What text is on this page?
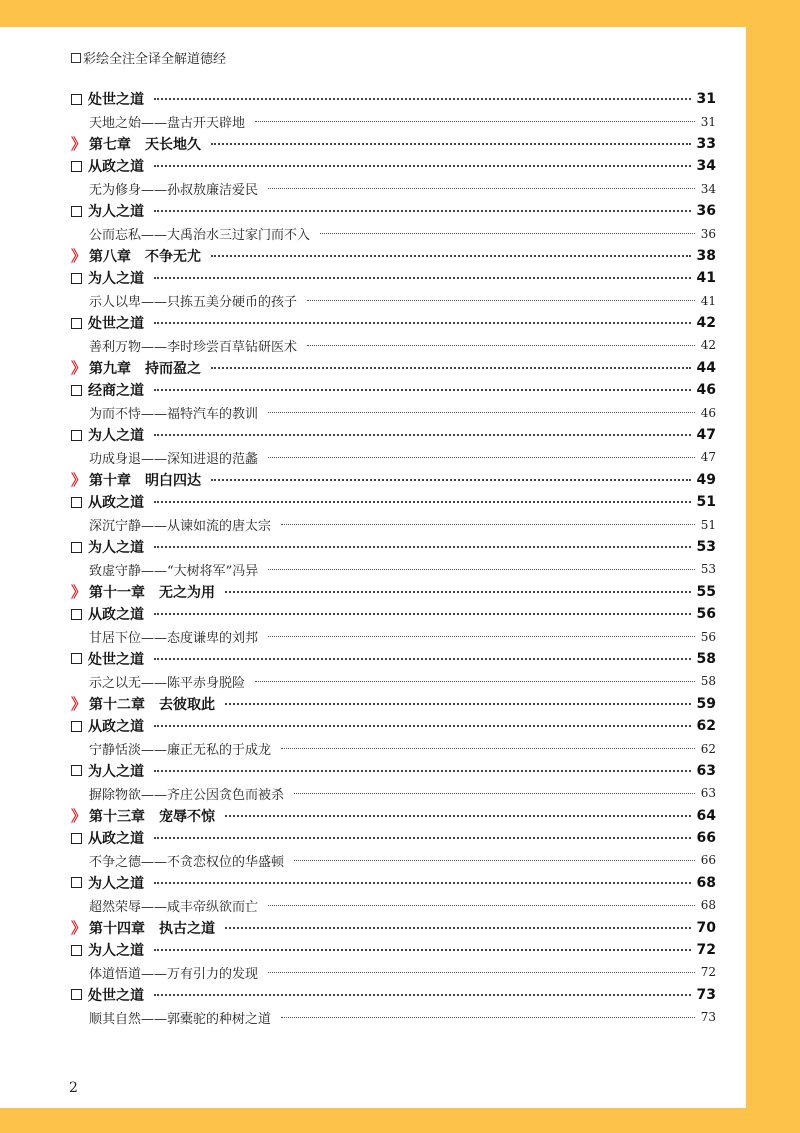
彩绘全注全译全解道德经
处世之道	31
天地之始——盘古开天辟地	31
》 第七章　天长地久	33
从政之道	34
无为修身——孙叔敖廉洁爱民	34
为人之道	36
公而忘私——大禹治水三过家门而不入	36
》 第八章　不争无尤	38
为人之道	41
示人以卑——只拣五美分硬币的孩子	41
处世之道	42
善利万物——李时珍尝百草钻研医术	42
》 第九章　持而盈之	44
经商之道	46
为而不恃——福特汽车的教训	46
为人之道	47
功成身退——深知进退的范蠡	47
》 第十章　明白四达	49
从政之道	51
深沉宁静——从谏如流的唐太宗	51
为人之道	53
致虚守静——“大树将军”冯异	53
》 第十一章　无之为用	55
从政之道	56
甘居下位——态度谦卑的刘邦	56
处世之道	58
示之以无——陈平赤身脱险	58
》 第十二章　去彼取此	59
从政之道	62
宁静恬淡——廉正无私的于成龙	62
为人之道	63
摒除物欲——齐庄公因贪色而被杀	63
》 第十三章　宠辱不惊	64
从政之道	66
不争之德——不贪恋权位的华盛顿	66
为人之道	68
超然荣辱——咸丰帝纵欲而亡	68
》 第十四章　执古之道	70
为人之道	72
体道悟道——万有引力的发现	72
处世之道	73
顺其自然——郭橐驼的种树之道	73
2
